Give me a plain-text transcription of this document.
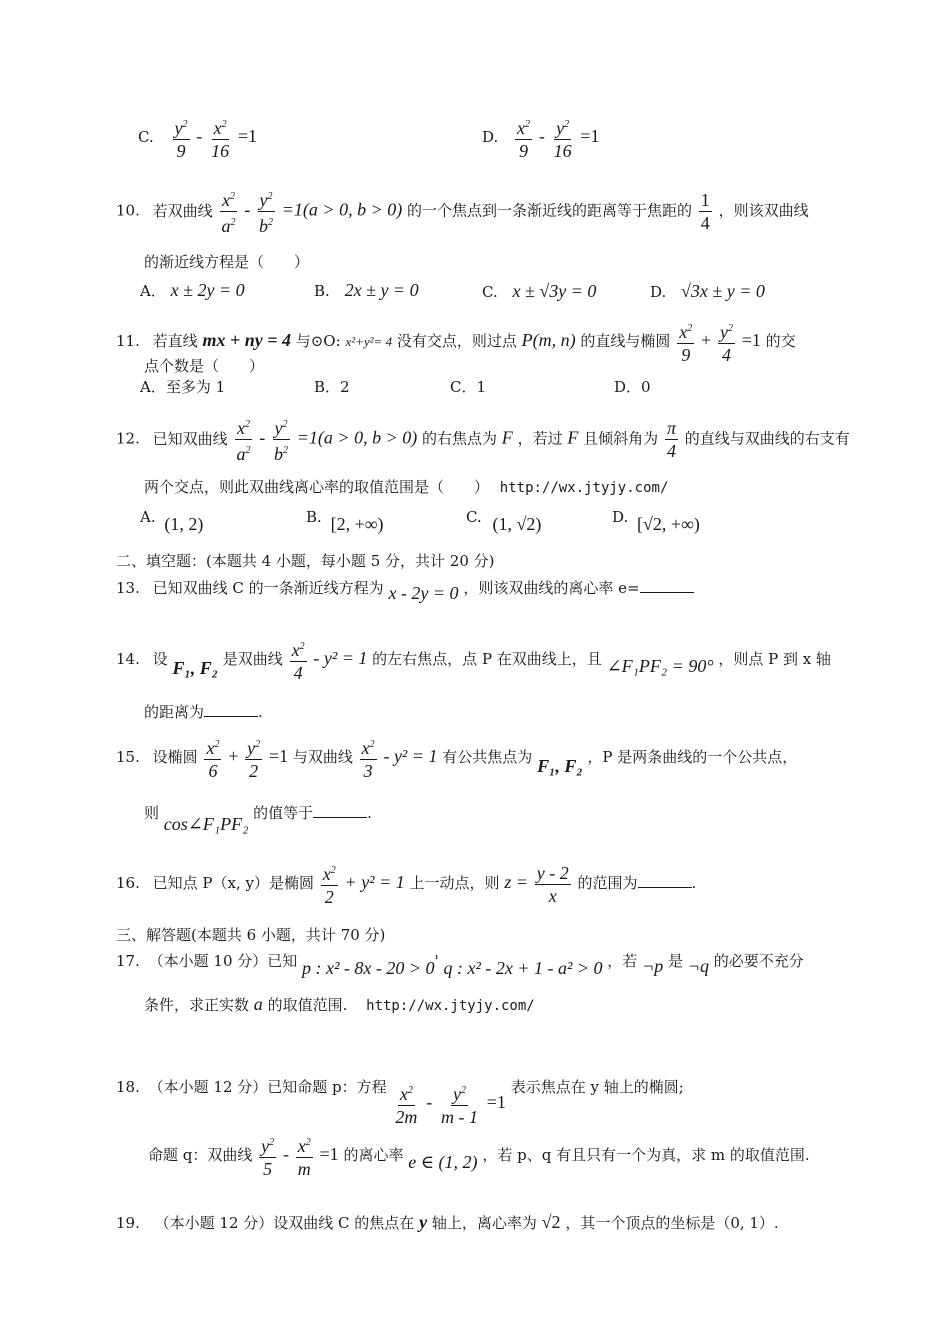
C. $\frac{y^2}{9} - \frac{x^2}{16} =1$	D. $\frac{x^2}{9} - \frac{y^2}{16} =1$
10. 若双曲线 $\frac{x^2}{a^2} - \frac{y^2}{b^2} =1(a > 0$, b > 0) 的一个焦点到一条渐近线的距离等于焦距的 $\frac{1}{4}$ ，则该双曲线
的渐近线方程是（　　）
A． x ± 2y = 0	B. 2x ± y = 0	C. x ± √3y = 0	D. √3x ± y = 0
11. 若直线 mx + ny = 4 与⊙O: x²+y²= 4 没有交点，则过点 P(m, n) 的直线与椭圆 $\frac{x^2}{9} + \frac{y^2}{4} =1$ 的交
点个数是（　　）
A．至多为 1	B．2	C．1	D．0
12. 已知双曲线 $\frac{x^2}{a^2} - \frac{y^2}{b^2} =1(a > 0$, b > 0) 的右焦点为 F ，若过 F 且倾斜角为 $\frac{\pi}{4}$ 的直线与双曲线的右支有
两个交点，则此双曲线离心率的取值范围是（　　） http://wx.jtyjy.com/
A. (1, 2)	B. [2, +∞)	C. (1, √2)	D. [√2, +∞)
二、填空题：(本题共 4 小题，每小题 5 分，共计 20 分)
13. 已知双曲线 C 的一条渐近线方程为 x - 2y = 0 ，则该双曲线的离心率 e=
14. 设 F₁, F₂ 是双曲线 $\frac{x^2}{4} - y^2 = 1$ 的左右焦点，点 P 在双曲线上，且 ∠F₁PF₂ = 90° ，则点 P 到 x 轴
的距离为	.
15. 设椭圆 $\frac{x^2}{6} + \frac{y^2}{2} =1$ 与双曲线 $\frac{x^2}{3} - y^2 = 1$ 有公共焦点为 F₁, F₂ ，P 是两条曲线的一个公共点，
则 cos∠F₁PF₂ 的值等于	.
16. 已知点 P（x, y）是椭圆 $\frac{x^2}{2} + y^2 = 1$ 上一动点，则 $z = \frac{y - 2}{x}$ 的范围为	.
三、解答题(本题共 6 小题，共计 70 分)
17. （本小题 10 分）已知 p : x² - 8x - 20 > 0' q : x² - 2x + 1 - a² > 0 ，若 ¬p 是 ¬q 的必要不充分
条件，求正实数 a 的取值范围. http://wx.jtyjy.com/
18. （本小题 12 分）已知命题 p：方程 $\frac{x^2}{2m} - \frac{y^2}{m - 1} =1$ 表示焦点在 y 轴上的椭圆;
命题 q：双曲线 $\frac{y^2}{5} - \frac{x^2}{m} =1$ 的离心率 e ∈ (1, 2) ，若 p、q 有且只有一个为真，求 m 的取值范围.
19. （本小题 12 分）设双曲线 C 的焦点在 y 轴上，离心率为 √2 ，其一个顶点的坐标是（0, 1）.
